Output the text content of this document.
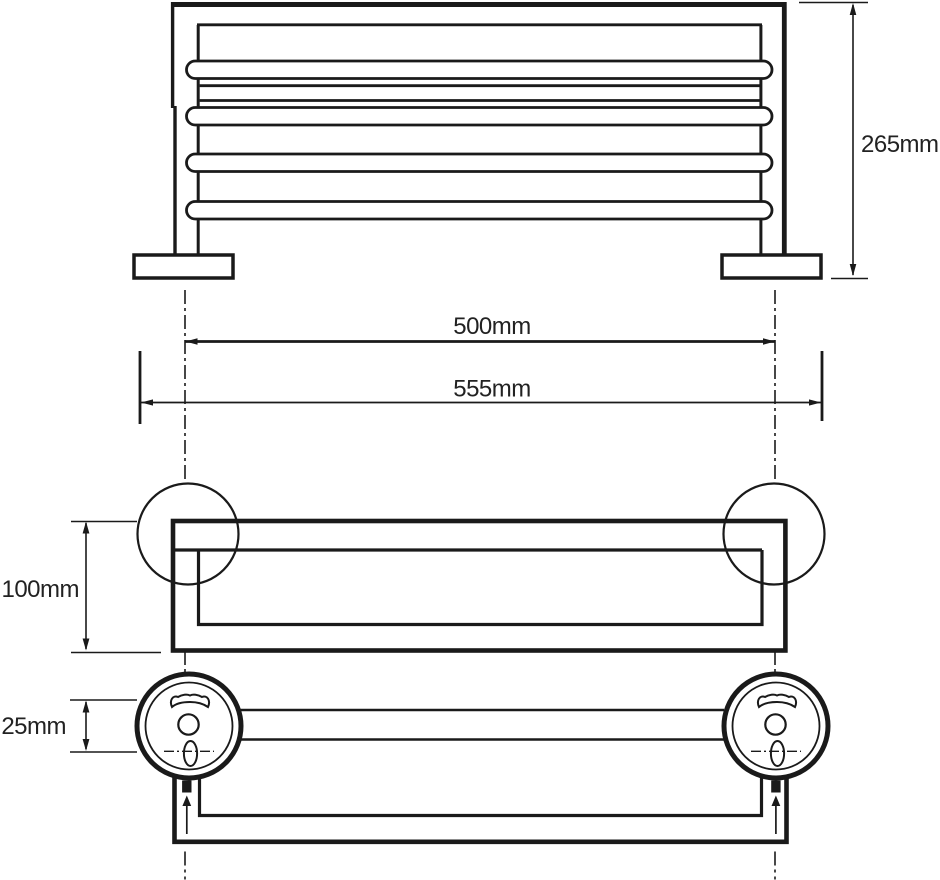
265mm
500mm
555mm
100mm
25mm
